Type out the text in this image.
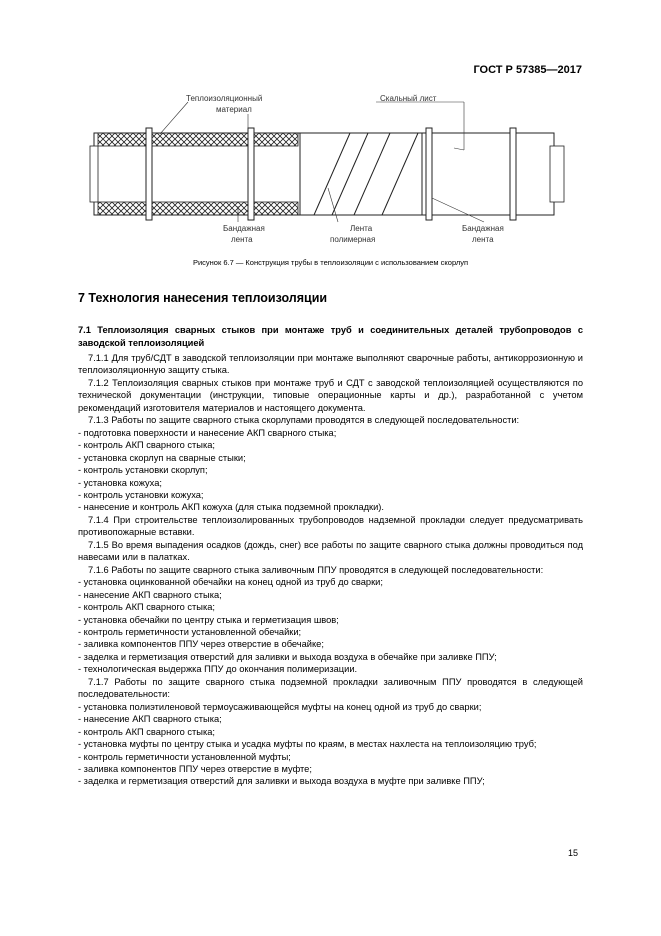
ГОСТ Р 57385—2017
Теплоизоляционный
материал
Скальный лист
Бандажная
лента
Лента
полимерная
Бандажная
лента
Рисунок 6.7 — Конструкция трубы в теплоизоляции с использованием скорлуп
7 Технология нанесения теплоизоляции
7.1 Теплоизоляция сварных стыков при монтаже труб и соединительных деталей трубопроводов с заводской теплоизоляцией

7.1.1 Для труб/СДТ в заводской теплоизоляции при монтаже выполняют сварочные работы, антикоррозионную и теплоизоляционную защиту стыка.

7.1.2 Теплоизоляция сварных стыков при монтаже труб и СДТ с заводской теплоизоляцией осуществляются по технической документации (инструкции, типовые операционные карты и др.), разработанной с учетом рекомендаций изготовителя материалов и настоящего документа.

7.1.3 Работы по защите сварного стыка скорлупами проводятся в следующей последовательности:

- подготовка поверхности и нанесение АКП сварного стыка;

- контроль АКП сварного стыка;

- установка скорлуп на сварные стыки;

- контроль установки скорлуп;

- установка кожуха;

- контроль установки кожуха;

- нанесение и контроль АКП кожуха (для стыка подземной прокладки).

7.1.4 При строительстве теплоизолированных трубопроводов надземной прокладки следует предусматривать противопожарные вставки.

7.1.5 Во время выпадения осадков (дождь, снег) все работы по защите сварного стыка должны проводиться под навесами или в палатках.

7.1.6 Работы по защите сварного стыка заливочным ППУ проводятся в следующей последовательности:

- установка оцинкованной обечайки на конец одной из труб до сварки;

- нанесение АКП сварного стыка;

- контроль АКП сварного стыка;

- установка обечайки по центру стыка и герметизация швов;

- контроль герметичности установленной обечайки;

- заливка компонентов ППУ через отверстие в обечайке;

- заделка и герметизация отверстий для заливки и выхода воздуха в обечайке при заливке ППУ;

- технологическая выдержка ППУ до окончания полимеризации.

7.1.7 Работы по защите сварного стыка подземной прокладки заливочным ППУ проводятся в следующей последовательности:

- установка полиэтиленовой термоусаживающейся муфты на конец одной из труб до сварки;

- нанесение АКП сварного стыка;

- контроль АКП сварного стыка;

- установка муфты по центру стыка и усадка муфты по краям, в местах нахлеста на теплоизоляцию труб;

- контроль герметичности установленной муфты;

- заливка компонентов ППУ через отверстие в муфте;

- заделка и герметизация отверстий для заливки и выхода воздуха в муфте при заливке ППУ;

15
